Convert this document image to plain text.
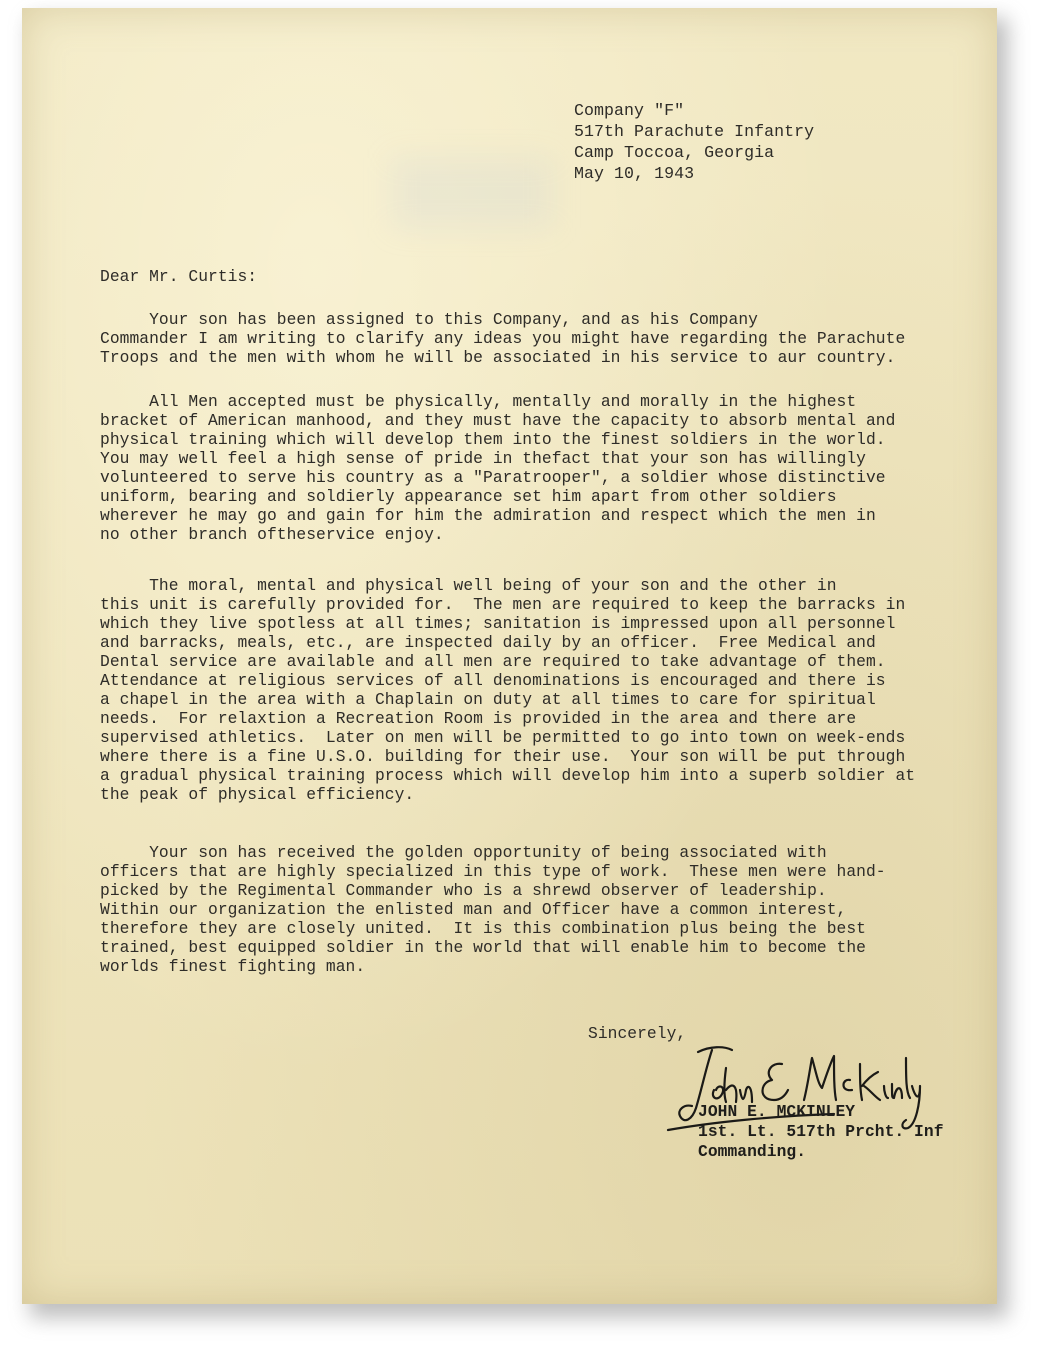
Company "F"
517th Parachute Infantry
Camp Toccoa, Georgia
May 10, 1943
Dear Mr. Curtis:
Your son has been assigned to this Company, and as his Company
Commander I am writing to clarify any ideas you might have regarding the Parachute
Troops and the men with whom he will be associated in his service to aur country.
All Men accepted must be physically, mentally and morally in the highest
bracket of American manhood, and they must have the capacity to absorb mental and
physical training which will develop them into the finest soldiers in the world.
You may well feel a high sense of pride in thefact that your son has willingly
volunteered to serve his country as a "Paratrooper", a soldier whose distinctive
uniform, bearing and soldierly appearance set him apart from other soldiers
wherever he may go and gain for him the admiration and respect which the men in
no other branch oftheservice enjoy.
The moral, mental and physical well being of your son and the other in
this unit is carefully provided for.  The men are required to keep the barracks in
which they live spotless at all times; sanitation is impressed upon all personnel
and barracks, meals, etc., are inspected daily by an officer.  Free Medical and
Dental service are available and all men are required to take advantage of them.
Attendance at religious services of all denominations is encouraged and there is
a chapel in the area with a Chaplain on duty at all times to care for spiritual
needs.  For relaxtion a Recreation Room is provided in the area and there are
supervised athletics.  Later on men will be permitted to go into town on week-ends
where there is a fine U.S.O. building for their use.  Your son will be put through
a gradual physical training process which will develop him into a superb soldier at
the peak of physical efficiency.
Your son has received the golden opportunity of being associated with
officers that are highly specialized in this type of work.  These men were hand-
picked by the Regimental Commander who is a shrewd observer of leadership.
Within our organization the enlisted man and Officer have a common interest,
therefore they are closely united.  It is this combination plus being the best
trained, best equipped soldier in the world that will enable him to become the
worlds finest fighting man.
Sincerely,
JOHN E. MCKINLEY
1st. Lt. 517th Prcht. Inf
Commanding.
